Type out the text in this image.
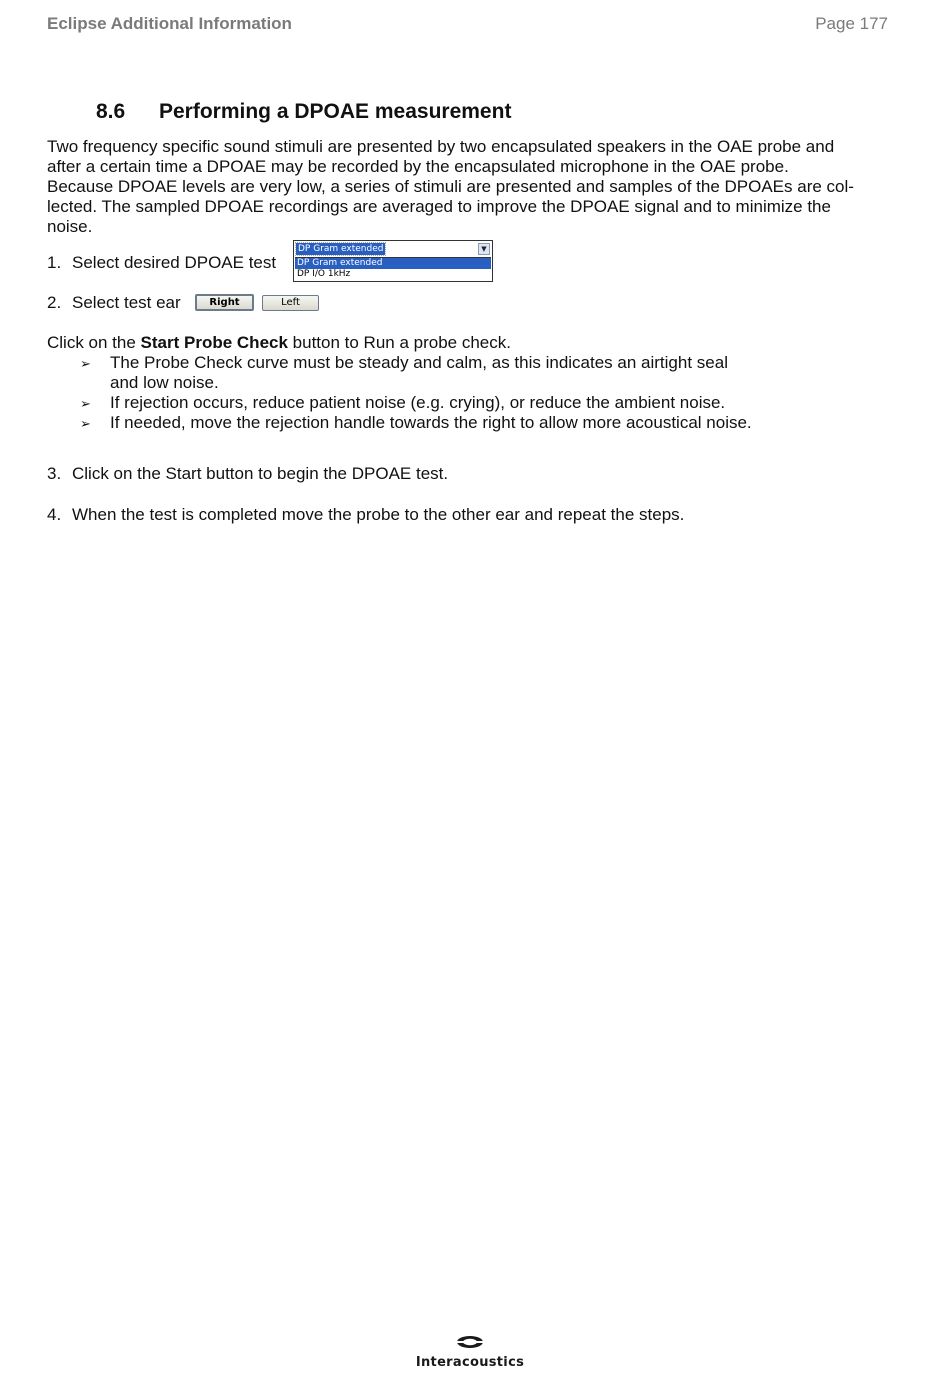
Eclipse Additional Information	Page 177
8.6 Performing a DPOAE measurement

Two frequency specific sound stimuli are presented by two encapsulated speakers in the OAE probe and

after a certain time a DPOAE may be recorded by the encapsulated microphone in the OAE probe.

Because DPOAE levels are very low, a series of stimuli are presented and samples of the DPOAEs are col-

lected. The sampled DPOAE recordings are averaged to improve the DPOAE signal and to minimize the

noise.

1. Select desired DPOAE test
DP Gram extended	▼
DP Gram extended
DP I/O 1kHz
2. Select test ear	Right	Left
Click on the Start Probe Check button to Run a probe check.
➢ The Probe Check curve must be steady and calm, as this indicates an airtight seal
and low noise.
➢ If rejection occurs, reduce patient noise (e.g. crying), or reduce the ambient noise.
➢ If needed, move the rejection handle towards the right to allow more acoustical noise.
3. Click on the Start button to begin the DPOAE test.
4. When the test is completed move the probe to the other ear and repeat the steps.
Interacoustics
